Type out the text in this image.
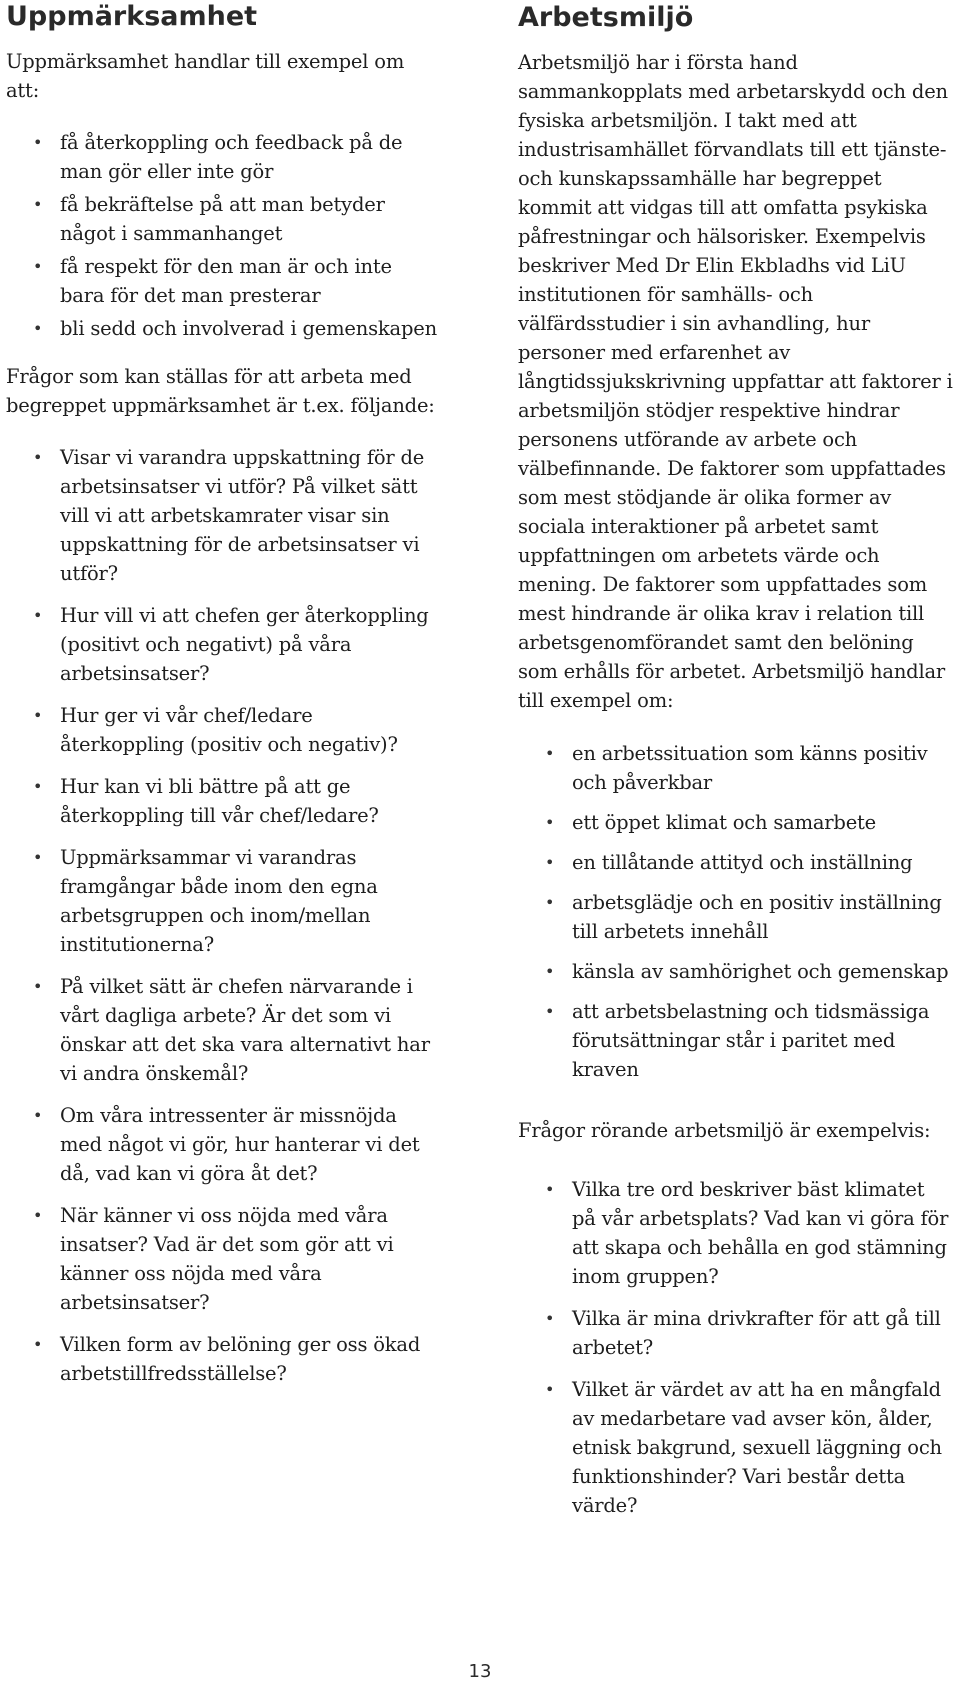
Uppmärksamhet

Uppmärksamhet handlar till exempel om att:

• få återkoppling och feedback på de man gör eller inte gör
• få bekräftelse på att man betyder något i sammanhanget
• få respekt för den man är och inte bara för det man presterar
• bli sedd och involverad i gemenskapen

Frågor som kan ställas för att arbeta med begreppet uppmärksamhet är t.ex. följande:

• Visar vi varandra uppskattning för de arbetsinsatser vi utför? På vilket sätt vill vi att arbetskamrater visar sin uppskattning för de arbetsinsatser vi utför?
• Hur vill vi att chefen ger återkoppling (positivt och negativt) på våra arbetsinsatser?
• Hur ger vi vår chef/ledare återkoppling (positiv och negativ)?
• Hur kan vi bli bättre på att ge återkoppling till vår chef/ledare?
• Uppmärksammar vi varandras framgångar både inom den egna arbetsgruppen och inom/mellan institutionerna?
• På vilket sätt är chefen närvarande i vårt dagliga arbete? Är det som vi önskar att det ska vara alternativt har vi andra önskemål?
• Om våra intressenter är missnöjda med något vi gör, hur hanterar vi det då, vad kan vi göra åt det?
• När känner vi oss nöjda med våra insatser? Vad är det som gör att vi känner oss nöjda med våra arbetsinsatser?
• Vilken form av belöning ger oss ökad arbetstillfredsställelse?
Arbetsmiljö

Arbetsmiljö har i första hand sammankopplats med arbetarskydd och den fysiska arbetsmiljön. I takt med att industrisamhället förvandlats till ett tjänste- och kunskapssamhälle har begreppet kommit att vidgas till att omfatta psykiska påfrestningar och hälsorisker. Exempelvis beskriver Med Dr Elin Ekbladhs vid LiU institutionen för samhälls- och välfärdsstudier i sin avhandling, hur personer med erfarenhet av långtidssjukskrivning uppfattar att faktorer i arbetsmiljön stödjer respektive hindrar personens utförande av arbete och välbefinnande. De faktorer som uppfattades som mest stödjande är olika former av sociala interaktioner på arbetet samt uppfattningen om arbetets värde och mening. De faktorer som uppfattades som mest hindrande är olika krav i relation till arbetsgenomförandet samt den belöning som erhålls för arbetet. Arbetsmiljö handlar till exempel om:

• en arbetssituation som känns positiv och påverkbar
• ett öppet klimat och samarbete
• en tillåtande attityd och inställning
• arbetsglädje och en positiv inställning till arbetets innehåll
• känsla av samhörighet och gemenskap
• att arbetsbelastning och tidsmässiga förutsättningar står i paritet med kraven

Frågor rörande arbetsmiljö är exempelvis:

• Vilka tre ord beskriver bäst klimatet på vår arbetsplats? Vad kan vi göra för att skapa och behålla en god stämning inom gruppen?
• Vilka är mina drivkrafter för att gå till arbetet?
• Vilket är värdet av att ha en mångfald av medarbetare vad avser kön, ålder, etnisk bakgrund, sexuell läggning och funktionshinder? Vari består detta värde?
13
